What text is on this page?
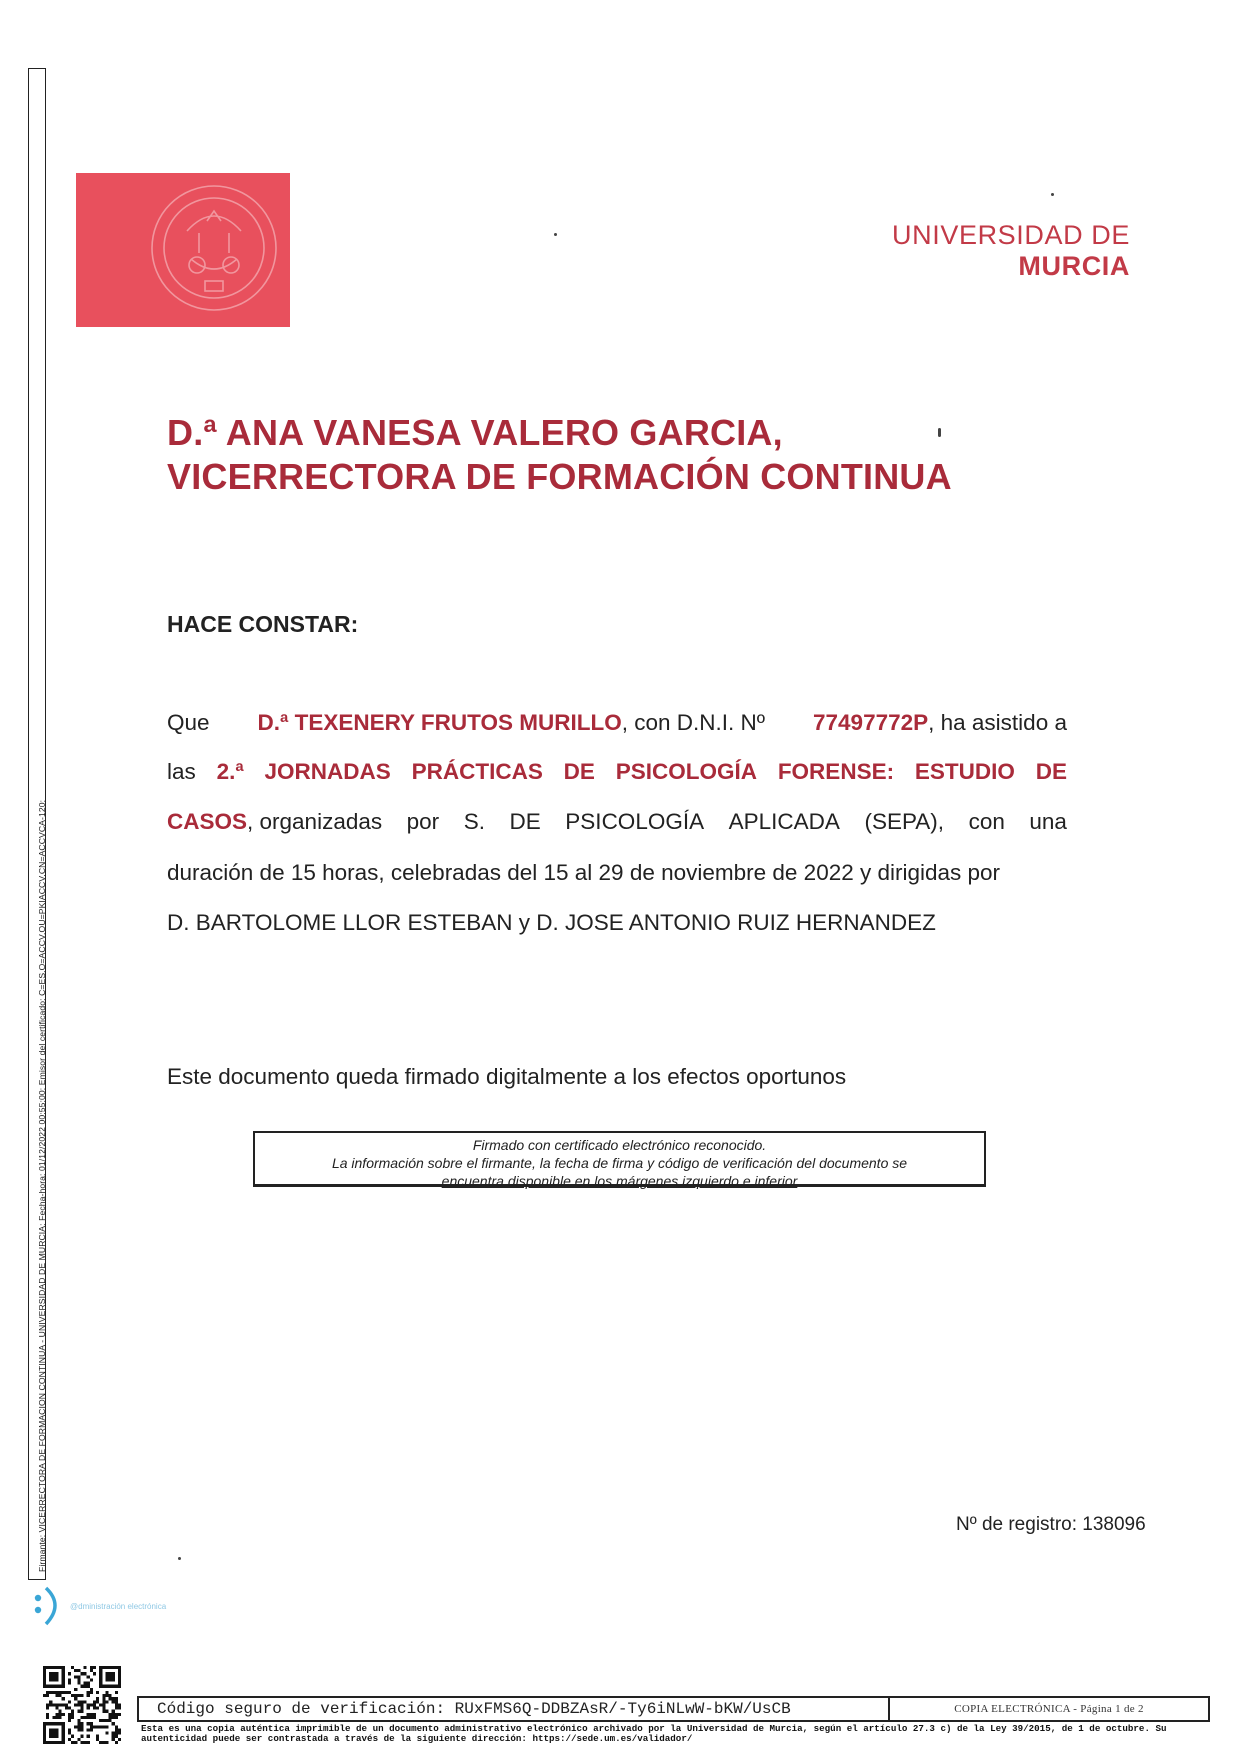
Firmante: VICERRECTORA DE FORMACION CONTINUA - UNIVERSIDAD DE MURCIA; Fecha-hora: 01/12/2022 00:55:00; Emisor del certificado: C=ES,O=ACCV,OU=PKIACCV,CN=ACCVCA-120;
UNIVERSIDAD DE
MURCIA
D.ª ANA VANESA VALERO GARCIA,
VICERRECTORA DE FORMACIÓN CONTINUA
HACE CONSTAR:
Que D.ª TEXENERY FRUTOS MURILLO, con D.N.I. Nº 77497772P, ha asistido a
las 2.ª JORNADAS PRÁCTICAS DE PSICOLOGÍA FORENSE: ESTUDIO DE
CASOS, organizadas por S. DE PSICOLOGÍA APLICADA (SEPA), con una
duración de 15 horas, celebradas del 15 al 29 de noviembre de 2022 y dirigidas por
D. BARTOLOME LLOR ESTEBAN y D. JOSE ANTONIO RUIZ HERNANDEZ
Este documento queda firmado digitalmente a los efectos oportunos
Firmado con certificado electrónico reconocido.
La información sobre el firmante, la fecha de firma y código de verificación del documento se
encuentra disponible en los márgenes izquierdo e inferior
Nº de registro: 138096
@dministración electrónica
Código seguro de verificación: RUxFMS6Q-DDBZAsR/-Ty6iNLwW-bKW/UsCB	COPIA ELECTRÓNICA - Página 1 de 2
Esta es una copia auténtica imprimible de un documento administrativo electrónico archivado por la Universidad de Murcia, según el artículo 27.3 c) de la Ley 39/2015, de 1 de octubre. Su autenticidad puede ser contrastada a través de la siguiente dirección: https://sede.um.es/validador/
